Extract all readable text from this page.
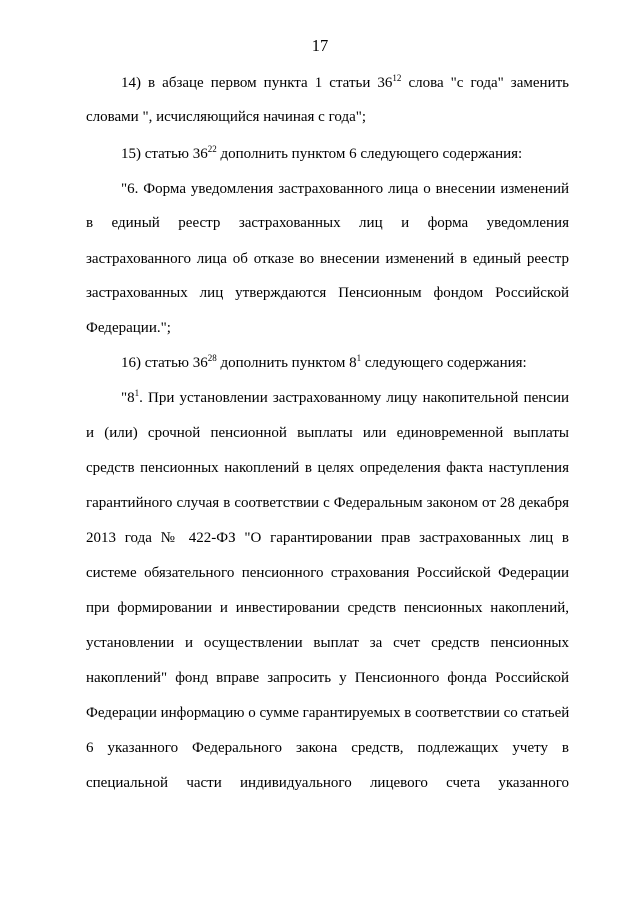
17
14) в абзаце первом пункта 1 статьи $36^{12}$ слова "с года" заменить
словами ", исчисляющийся начиная с года";
15) статью $36^{22}$ дополнить пунктом 6 следующего содержания:
"6. Форма уведомления застрахованного лица о внесении изменений
в единый реестр застрахованных лиц и форма уведомления
застрахованного лица об отказе во внесении изменений в единый реестр
застрахованных лиц утверждаются Пенсионным фондом Российской
Федерации.";
16) статью $36^{28}$ дополнить пунктом $8^1$ следующего содержания:
"$8^1$. При установлении застрахованному лицу накопительной пенсии
и (или) срочной пенсионной выплаты или единовременной выплаты
средств пенсионных накоплений в целях определения факта наступления
гарантийного случая в соответствии с Федеральным законом от 28 декабря
2013 года № 422-ФЗ "О гарантировании прав застрахованных лиц в
системе обязательного пенсионного страхования Российской Федерации
при формировании и инвестировании средств пенсионных накоплений,
установлении и осуществлении выплат за счет средств пенсионных
накоплений" фонд вправе запросить у Пенсионного фонда Российской
Федерации информацию о сумме гарантируемых в соответствии со статьей
6 указанного Федерального закона средств, подлежащих учету в
специальной части индивидуального лицевого счета указанного
